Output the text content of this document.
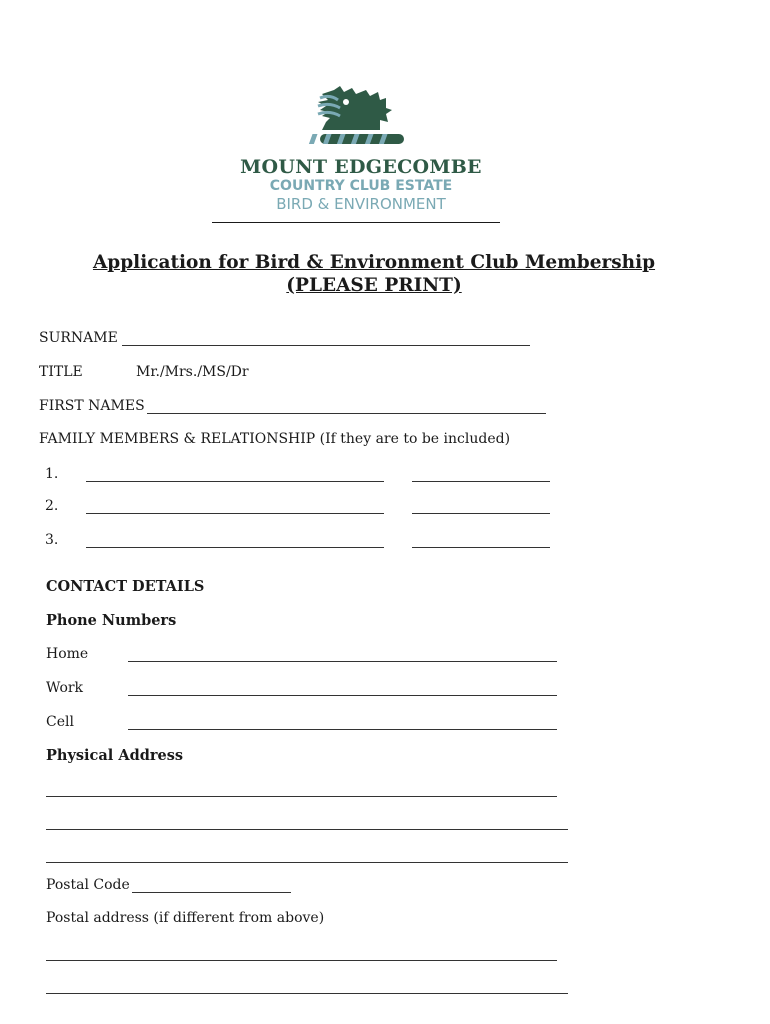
MOUNT EDGECOMBE
COUNTRY CLUB ESTATE
BIRD & ENVIRONMENT
Application for Bird & Environment Club Membership
(PLEASE PRINT)
SURNAME
TITLE	Mr./Mrs./MS/Dr
FIRST NAMES
FAMILY MEMBERS & RELATIONSHIP (If they are to be included)
1.
2.
3.
CONTACT DETAILS
Phone Numbers
Home
Work
Cell
Physical Address
Postal Code
Postal address (if different from above)
